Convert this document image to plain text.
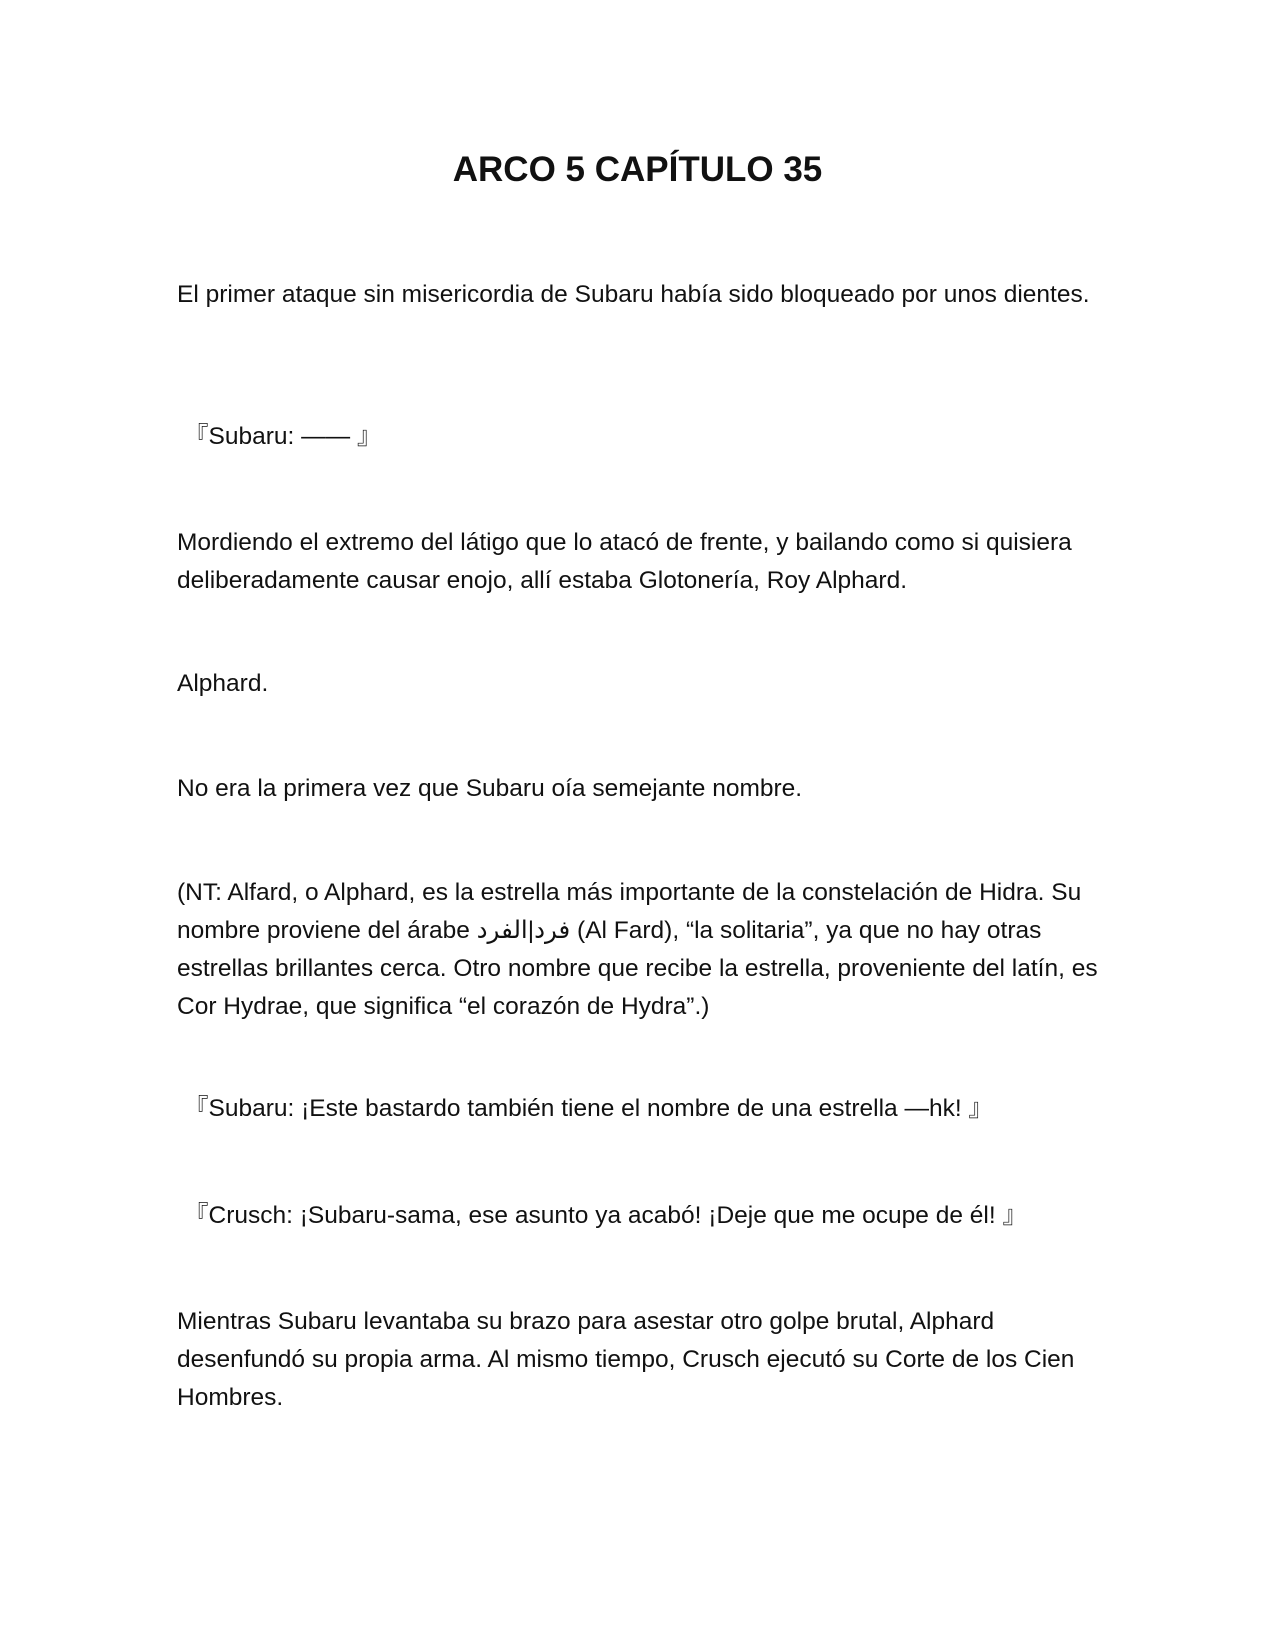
ARCO 5 CAPÍTULO 35

El primer ataque sin misericordia de Subaru había sido bloqueado por unos dientes.

『Subaru: —— 』

Mordiendo el extremo del látigo que lo atacó de frente, y bailando como si quisiera deliberadamente causar enojo, allí estaba Glotonería, Roy Alphard.

Alphard.

No era la primera vez que Subaru oía semejante nombre.

(NT: Alfard, o Alphard, es la estrella más importante de la constelación de Hidra. Su nombre proviene del árabe فرد|الفرد (Al Fard), “la solitaria”, ya que no hay otras estrellas brillantes cerca. Otro nombre que recibe la estrella, proveniente del latín, es Cor Hydrae, que significa “el corazón de Hydra”.)

『Subaru: ¡Este bastardo también tiene el nombre de una estrella —hk! 』

『Crusch: ¡Subaru-sama, ese asunto ya acabó! ¡Deje que me ocupe de él! 』

Mientras Subaru levantaba su brazo para asestar otro golpe brutal, Alphard desenfundó su propia arma. Al mismo tiempo, Crusch ejecutó su Corte de los Cien Hombres.
